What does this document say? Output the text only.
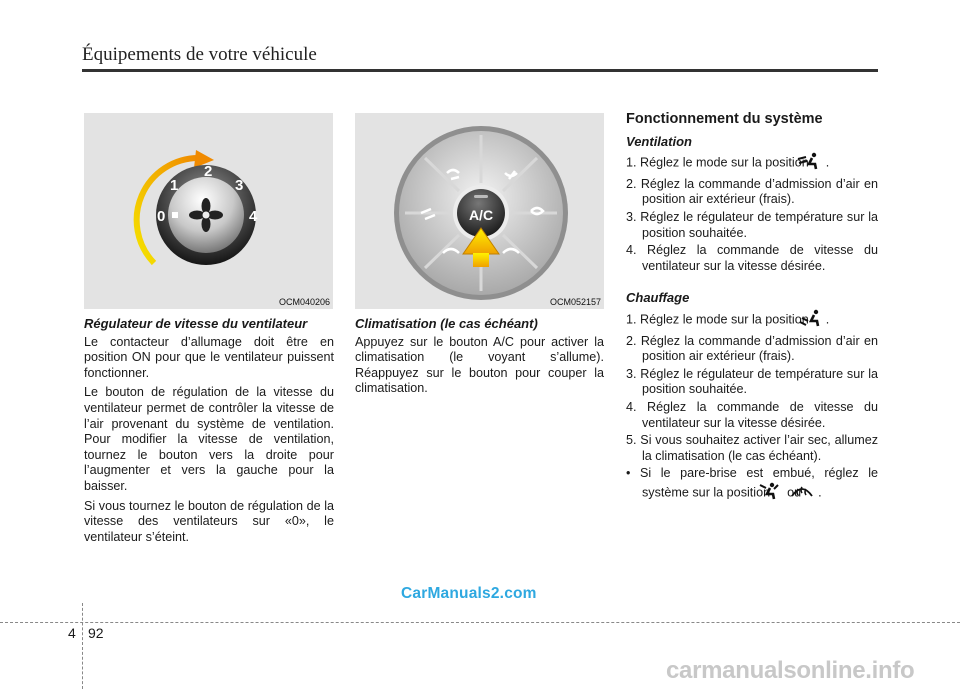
Équipements de votre véhicule
0
1
2
3
4
OCM040206
A/C
OCM052157
Régulateur de vitesse du ventilateur
Le contacteur d’allumage doit être en position ON pour que le ventilateur puissent fonctionner.
Le bouton de régulation de la vitesse du ventilateur permet de contrôler la vitesse de l’air provenant du système de ventilation. Pour modifier la vitesse de ventilation, tournez le bouton vers la droite pour l’augmenter et vers la gauche pour la baisser.
Si vous tournez le bouton de régulation de la vitesse des ventilateurs sur «0», le ventilateur s’éteint.
Climatisation (le cas échéant)
Appuyez sur le bouton A/C pour activer la climatisation (le voyant s’allume). Réappuyez sur le bouton pour couper la climatisation.
Fonctionnement du système
Ventilation
1. Réglez le mode sur la position .
2. Réglez la commande d’admission d’air en position air extérieur (frais).
3. Réglez le régulateur de température sur la position souhaitée.
4. Réglez la commande de vitesse du ventilateur sur la vitesse désirée.
Chauffage
1. Réglez le mode sur la position .
2. Réglez la commande d’admission d’air en position air extérieur (frais).
3. Réglez le régulateur de température sur la position souhaitée.
4. Réglez la commande de vitesse du ventilateur sur la vitesse désirée.
5. Si vous souhaitez activer l’air sec, allumez la climatisation (le cas échéant).
• Si le pare-brise est embué, réglez le système sur la position ou .
CarManuals2.com
4 92
carmanualsonline.info
